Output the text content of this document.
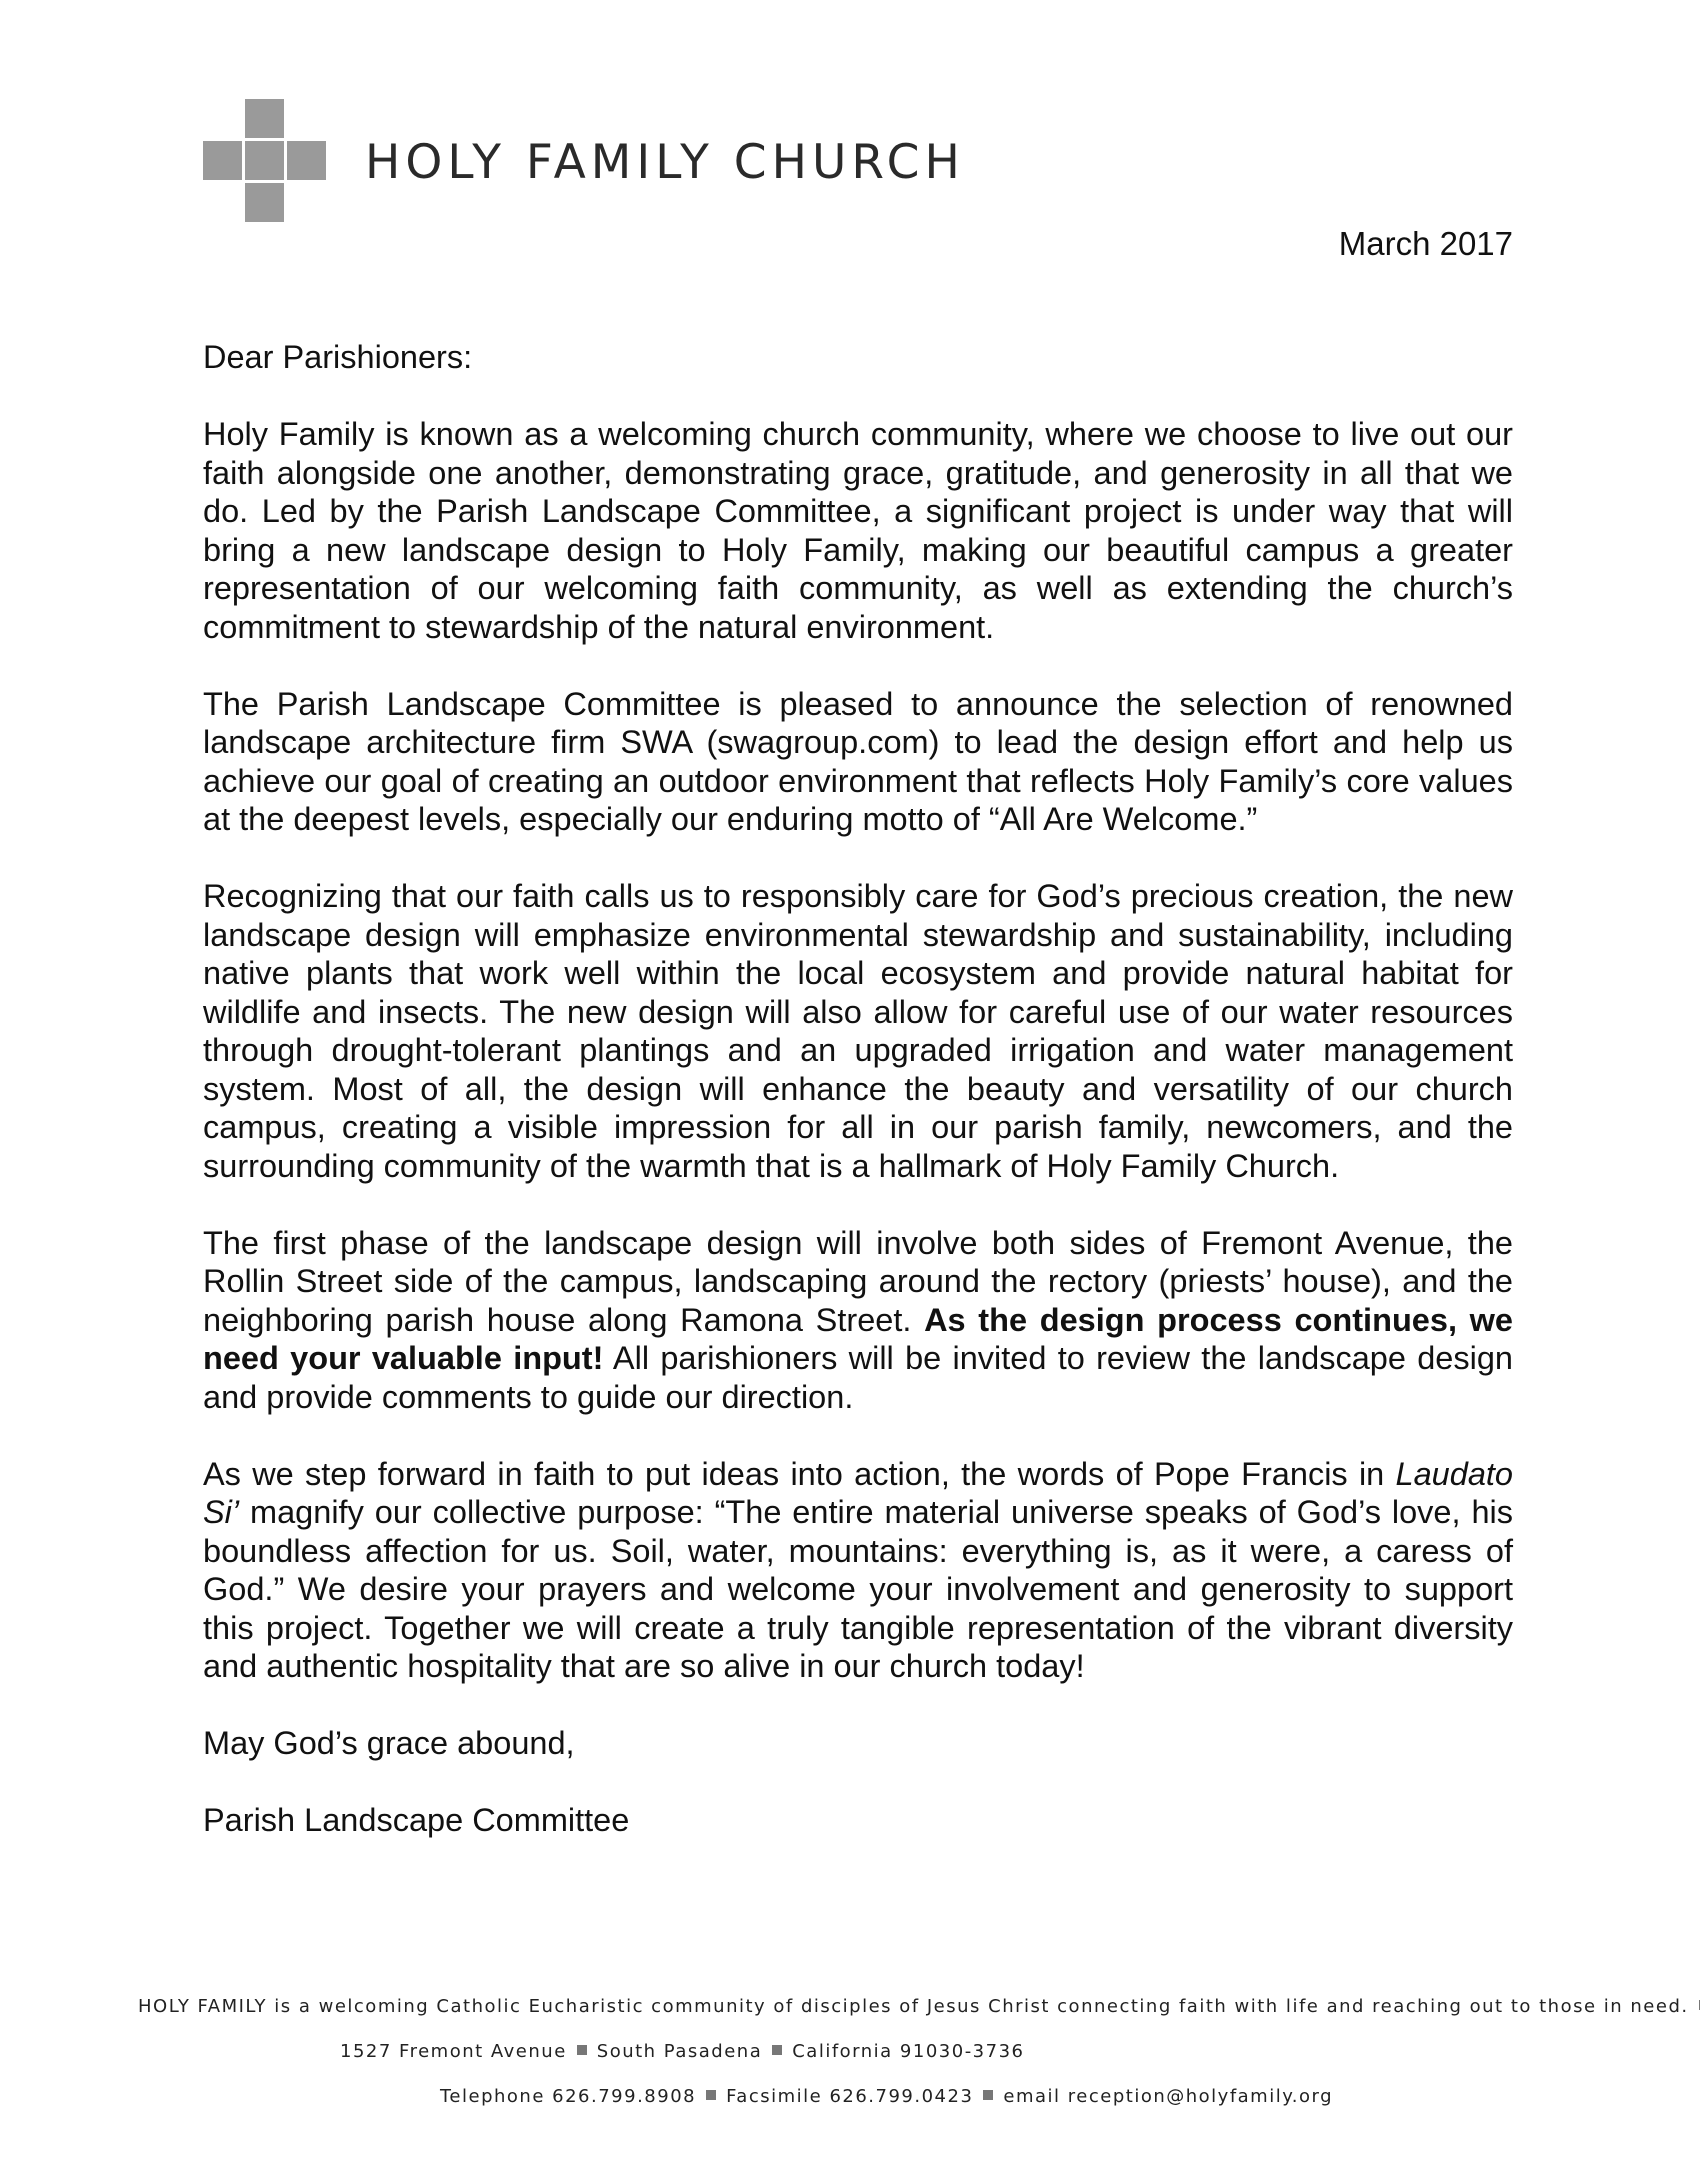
HOLY FAMILY CHURCH
March 2017

Dear Parishioners:

Holy Family is known as a welcoming church community, where we choose to live out our faith alongside one another, demonstrating grace, gratitude, and generosity in all that we do. Led by the Parish Landscape Committee, a significant project is under way that will bring a new landscape design to Holy Family, making our beautiful campus a greater representation of our welcoming faith community, as well as extending the church’s commitment to stewardship of the natural environment.

The Parish Landscape Committee is pleased to announce the selection of renowned landscape architecture firm SWA (swagroup.com) to lead the design effort and help us achieve our goal of creating an outdoor environment that reflects Holy Family’s core values at the deepest levels, especially our enduring motto of “All Are Welcome.”

Recognizing that our faith calls us to responsibly care for God’s precious creation, the new landscape design will emphasize environmental stewardship and sustainability, including native plants that work well within the local ecosystem and provide natural habitat for wildlife and insects. The new design will also allow for careful use of our water resources through drought-tolerant plantings and an upgraded irrigation and water management system. Most of all, the design will enhance the beauty and versatility of our church campus, creating a visible impression for all in our parish family, newcomers, and the surrounding community of the warmth that is a hallmark of Holy Family Church.

The first phase of the landscape design will involve both sides of Fremont Avenue, the Rollin Street side of the campus, landscaping around the rectory (priests’ house), and the neighboring parish house along Ramona Street. As the design process continues, we need your valuable input! All parishioners will be invited to review the landscape design and provide comments to guide our direction.

As we step forward in faith to put ideas into action, the words of Pope Francis in Laudato Si’ magnify our collective purpose: “The entire material universe speaks of God’s love, his boundless affection for us. Soil, water, mountains: everything is, as it were, a caress of God.” We desire your prayers and welcome your involvement and generosity to support this project. Together we will create a truly tangible representation of the vibrant diversity and authentic hospitality that are so alive in our church today!

May God’s grace abound,

Parish Landscape Committee

HOLY FAMILY is a welcoming Catholic Eucharistic community of disciples of Jesus Christ connecting faith with life and reaching out to those in need.
1527 Fremont Avenue South Pasadena California 91030-3736
Telephone 626.799.8908 Facsimile 626.799.0423 email reception@holyfamily.org
